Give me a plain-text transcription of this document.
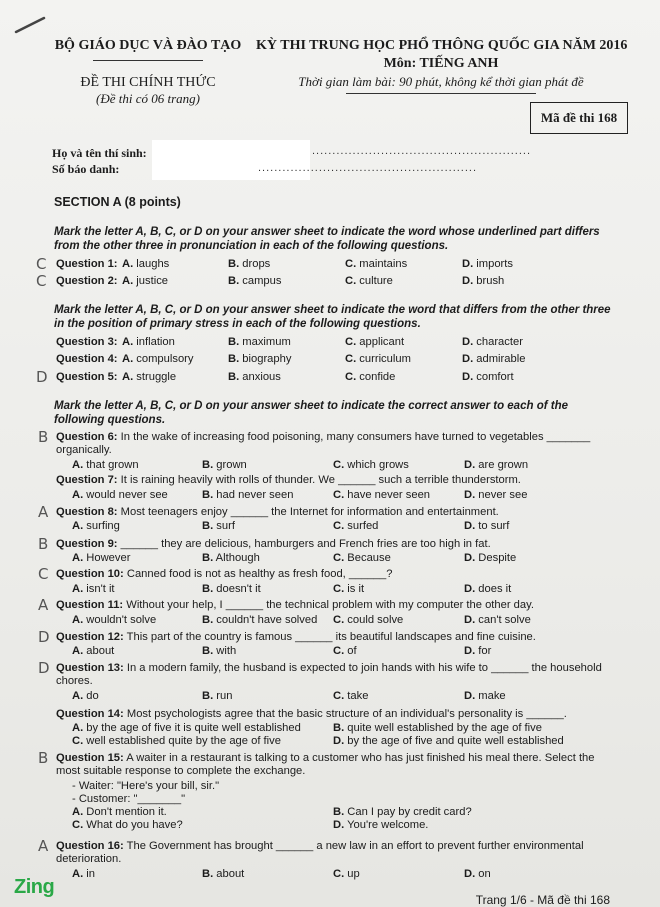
BỘ GIÁO DỤC VÀ ĐÀO TẠO
ĐỀ THI CHÍNH THỨC
(Đề thi có 06 trang)
KỲ THI TRUNG HỌC PHỔ THÔNG QUỐC GIA NĂM 2016
Môn: TIẾNG ANH
Thời gian làm bài: 90 phút, không kể thời gian phát đề
Mã đề thi 168
Họ và tên thí sinh:	......................................................
Số báo danh:	......................................................
SECTION A (8 points)
Mark the letter A, B, C, or D on your answer sheet to indicate the word whose underlined part differs from the other three in pronunciation in each of the following questions.
Mark the letter A, B, C, or D on your answer sheet to indicate the word that differs from the other three in the position of primary stress in each of the following questions.
Mark the letter A, B, C, or D on your answer sheet to indicate the correct answer to each of the following questions.
Trang 1/6 - Mã đề thi 168
Zing
C Question 1: A. laughs	B. drops	C. maintains	D. imports
C Question 2: A. justice	B. campus	C. culture	D. brush
Question 3: A. inflation	B. maximum	C. applicant	D. character
Question 4: A. compulsory	B. biography	C. curriculum	D. admirable
D Question 5: A. struggle	B. anxious	C. confide	D. comfort
B Question 6: In the wake of increasing food poisoning, many consumers have turned to vegetables _______ organically.
A. that grown	B. grown	C. which grows	D. are grown
Question 7: It is raining heavily with rolls of thunder. We ______ such a terrible thunderstorm.
A. would never see	B. had never seen	C. have never seen	D. never see
A Question 8: Most teenagers enjoy ______ the Internet for information and entertainment.
A. surfing	B. surf	C. surfed	D. to surf
B Question 9: ______ they are delicious, hamburgers and French fries are too high in fat.
A. However	B. Although	C. Because	D. Despite
C Question 10: Canned food is not as healthy as fresh food, ______?
A. isn't it	B. doesn't it	C. is it	D. does it
A Question 11: Without your help, I ______ the technical problem with my computer the other day.
A. wouldn't solve	B. couldn't have solved C. could solve	D. can't solve
D Question 12: This part of the country is famous ______ its beautiful landscapes and fine cuisine.
A. about	B. with	C. of	D. for
D Question 13: In a modern family, the husband is expected to join hands with his wife to ______ the household chores.
A. do	B. run	C. take	D. make
Question 14: Most psychologists agree that the basic structure of an individual's personality is ______.
A. by the age of five it is quite well established	B. quite well established by the age of five
C. well established quite by the age of five	D. by the age of five and quite well established
B Question 15: A waiter in a restaurant is talking to a customer who has just finished his meal there. Select the most suitable response to complete the exchange.
- Waiter: "Here's your bill, sir."
- Customer: "_______"
A. Don't mention it.	B. Can I pay by credit card?
C. What do you have?	D. You're welcome.
A Question 16: The Government has brought ______ a new law in an effort to prevent further environmental deterioration.
A. in	B. about	C. up	D. on
